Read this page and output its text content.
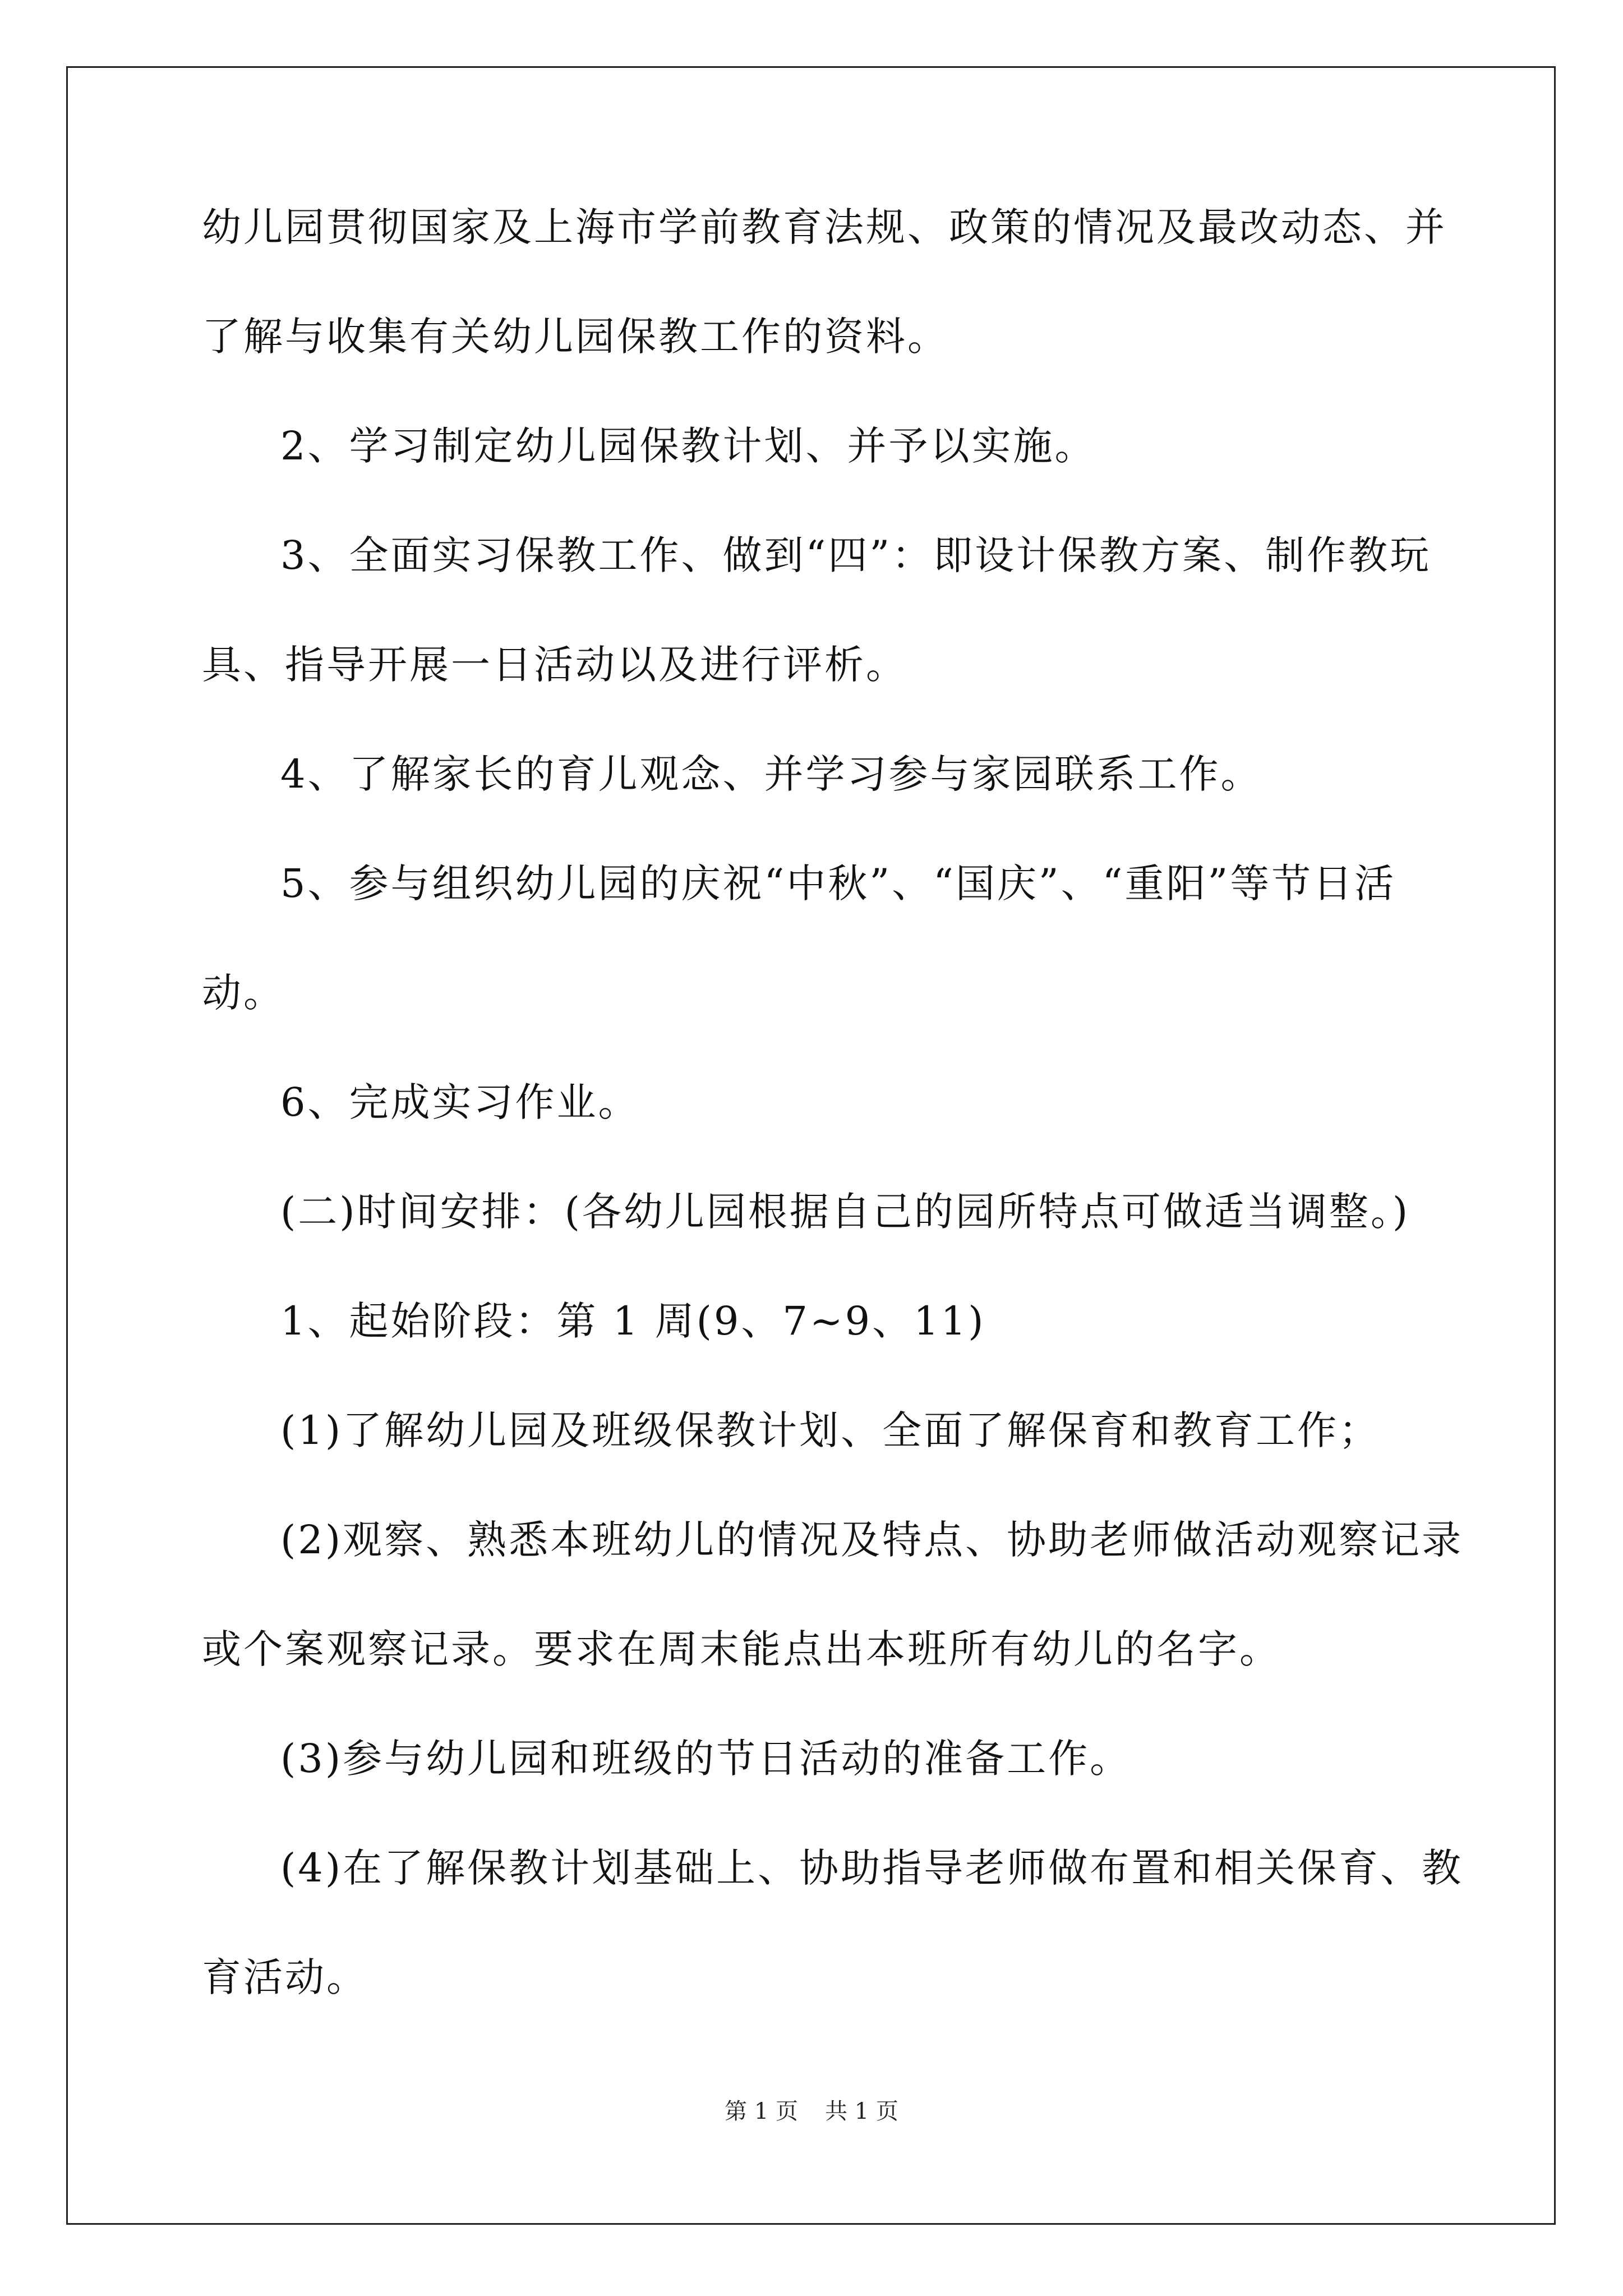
幼儿园贯彻国家及上海市学前教育法规、政策的情况及最改动态、并
了解与收集有关幼儿园保教工作的资料。
2、学习制定幼儿园保教计划、并予以实施。
3、全面实习保教工作、做到“四”：即设计保教方案、制作教玩
具、指导开展一日活动以及进行评析。
4、了解家长的育儿观念、并学习参与家园联系工作。
5、参与组织幼儿园的庆祝“中秋”、“国庆”、“重阳”等节日活
动。
6、完成实习作业。
(二)时间安排：(各幼儿园根据自己的园所特点可做适当调整。)
1、起始阶段：第 1 周(9、7~9、11)
(1)了解幼儿园及班级保教计划、全面了解保育和教育工作；
(2)观察、熟悉本班幼儿的情况及特点、协助老师做活动观察记录
或个案观察记录。要求在周末能点出本班所有幼儿的名字。
(3)参与幼儿园和班级的节日活动的准备工作。
(4)在了解保教计划基础上、协助指导老师做布置和相关保育、教
育活动。
第 1 页 共 1 页
